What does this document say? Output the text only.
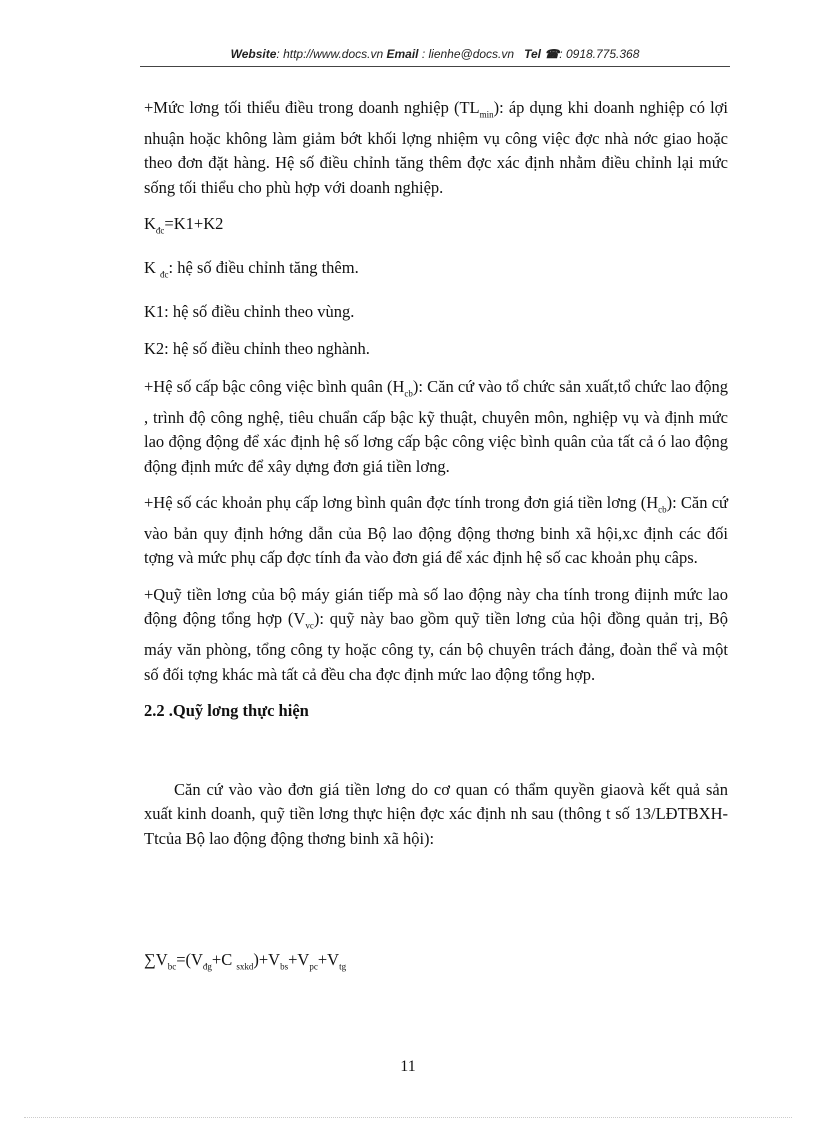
Website: http://www.docs.vn Email : lienhe@docs.vn Tel ☎: 0918.775.368

+Mức lơng tối thiểu điều trong doanh nghiệp $(TL_{min})$: áp dụng khi doanh nghiệp có lợi nhuận hoặc không làm giảm bớt khối lợng nhiệm vụ công việc đợc nhà nớc giao hoặc theo đơn đặt hàng. Hệ số điều chỉnh tăng thêm đợc xác định nhằm điều chỉnh lại mức sống tối thiểu cho phù hợp với doanh nghiệp.

$K_{đc}=K1+K2$

K $_{đc}$: hệ số điều chỉnh tăng thêm.

K1: hệ số điều chỉnh theo vùng.

K2: hệ số điều chỉnh theo nghành.

+Hệ số cấp bậc công việc bình quân $(H_{cb})$: Căn cứ vào tổ chức sản xuất,tổ chức lao động , trình độ công nghệ, tiêu chuẩn cấp bậc kỹ thuật, chuyên môn, nghiệp vụ và định mức lao động động để xác định hệ số lơng cấp bậc công việc bình quân của tất cả ó lao động động định mức để xây dựng đơn giá tiền lơng.

+Hệ số các khoản phụ cấp lơng bình quân đợc tính trong đơn giá tiền lơng $(H_{cb})$: Căn cứ vào bản quy định hớng dẫn của Bộ lao động động thơng binh xã hội,xc định các đối tợng và mức phụ cấp đợc tính đa vào đơn giá để xác định hệ số cac khoản phụ câps.

+Quỹ tiền lơng của bộ máy gián tiếp mà số lao động này cha tính trong điịnh mức lao động động tổng hợp $(V_{vc})$: quỹ này bao gồm quỹ tiền lơng của hội đồng quản trị, Bộ máy văn phòng, tổng công ty hoặc công ty, cán bộ chuyên trách đảng, đoàn thể và một số đối tợng khác mà tất cả đều cha đợc định mức lao động tổng hợp.

2.2 .Quỹ lơng thực hiện

Căn cứ vào vào đơn giá tiền lơng do cơ quan có thẩm quyền giaovà kết quả sản xuất kinh doanh, quỹ tiền lơng thực hiện đợc xác định nh sau (thông t số 13/LĐTBXH-Ttcủa Bộ lao động động thơng binh xã hội):

$\sum V_{bc}=(V_{đg}+C$ $_{sxkd})+V_{bs}+V_{pc}+V_{tg}$
11
